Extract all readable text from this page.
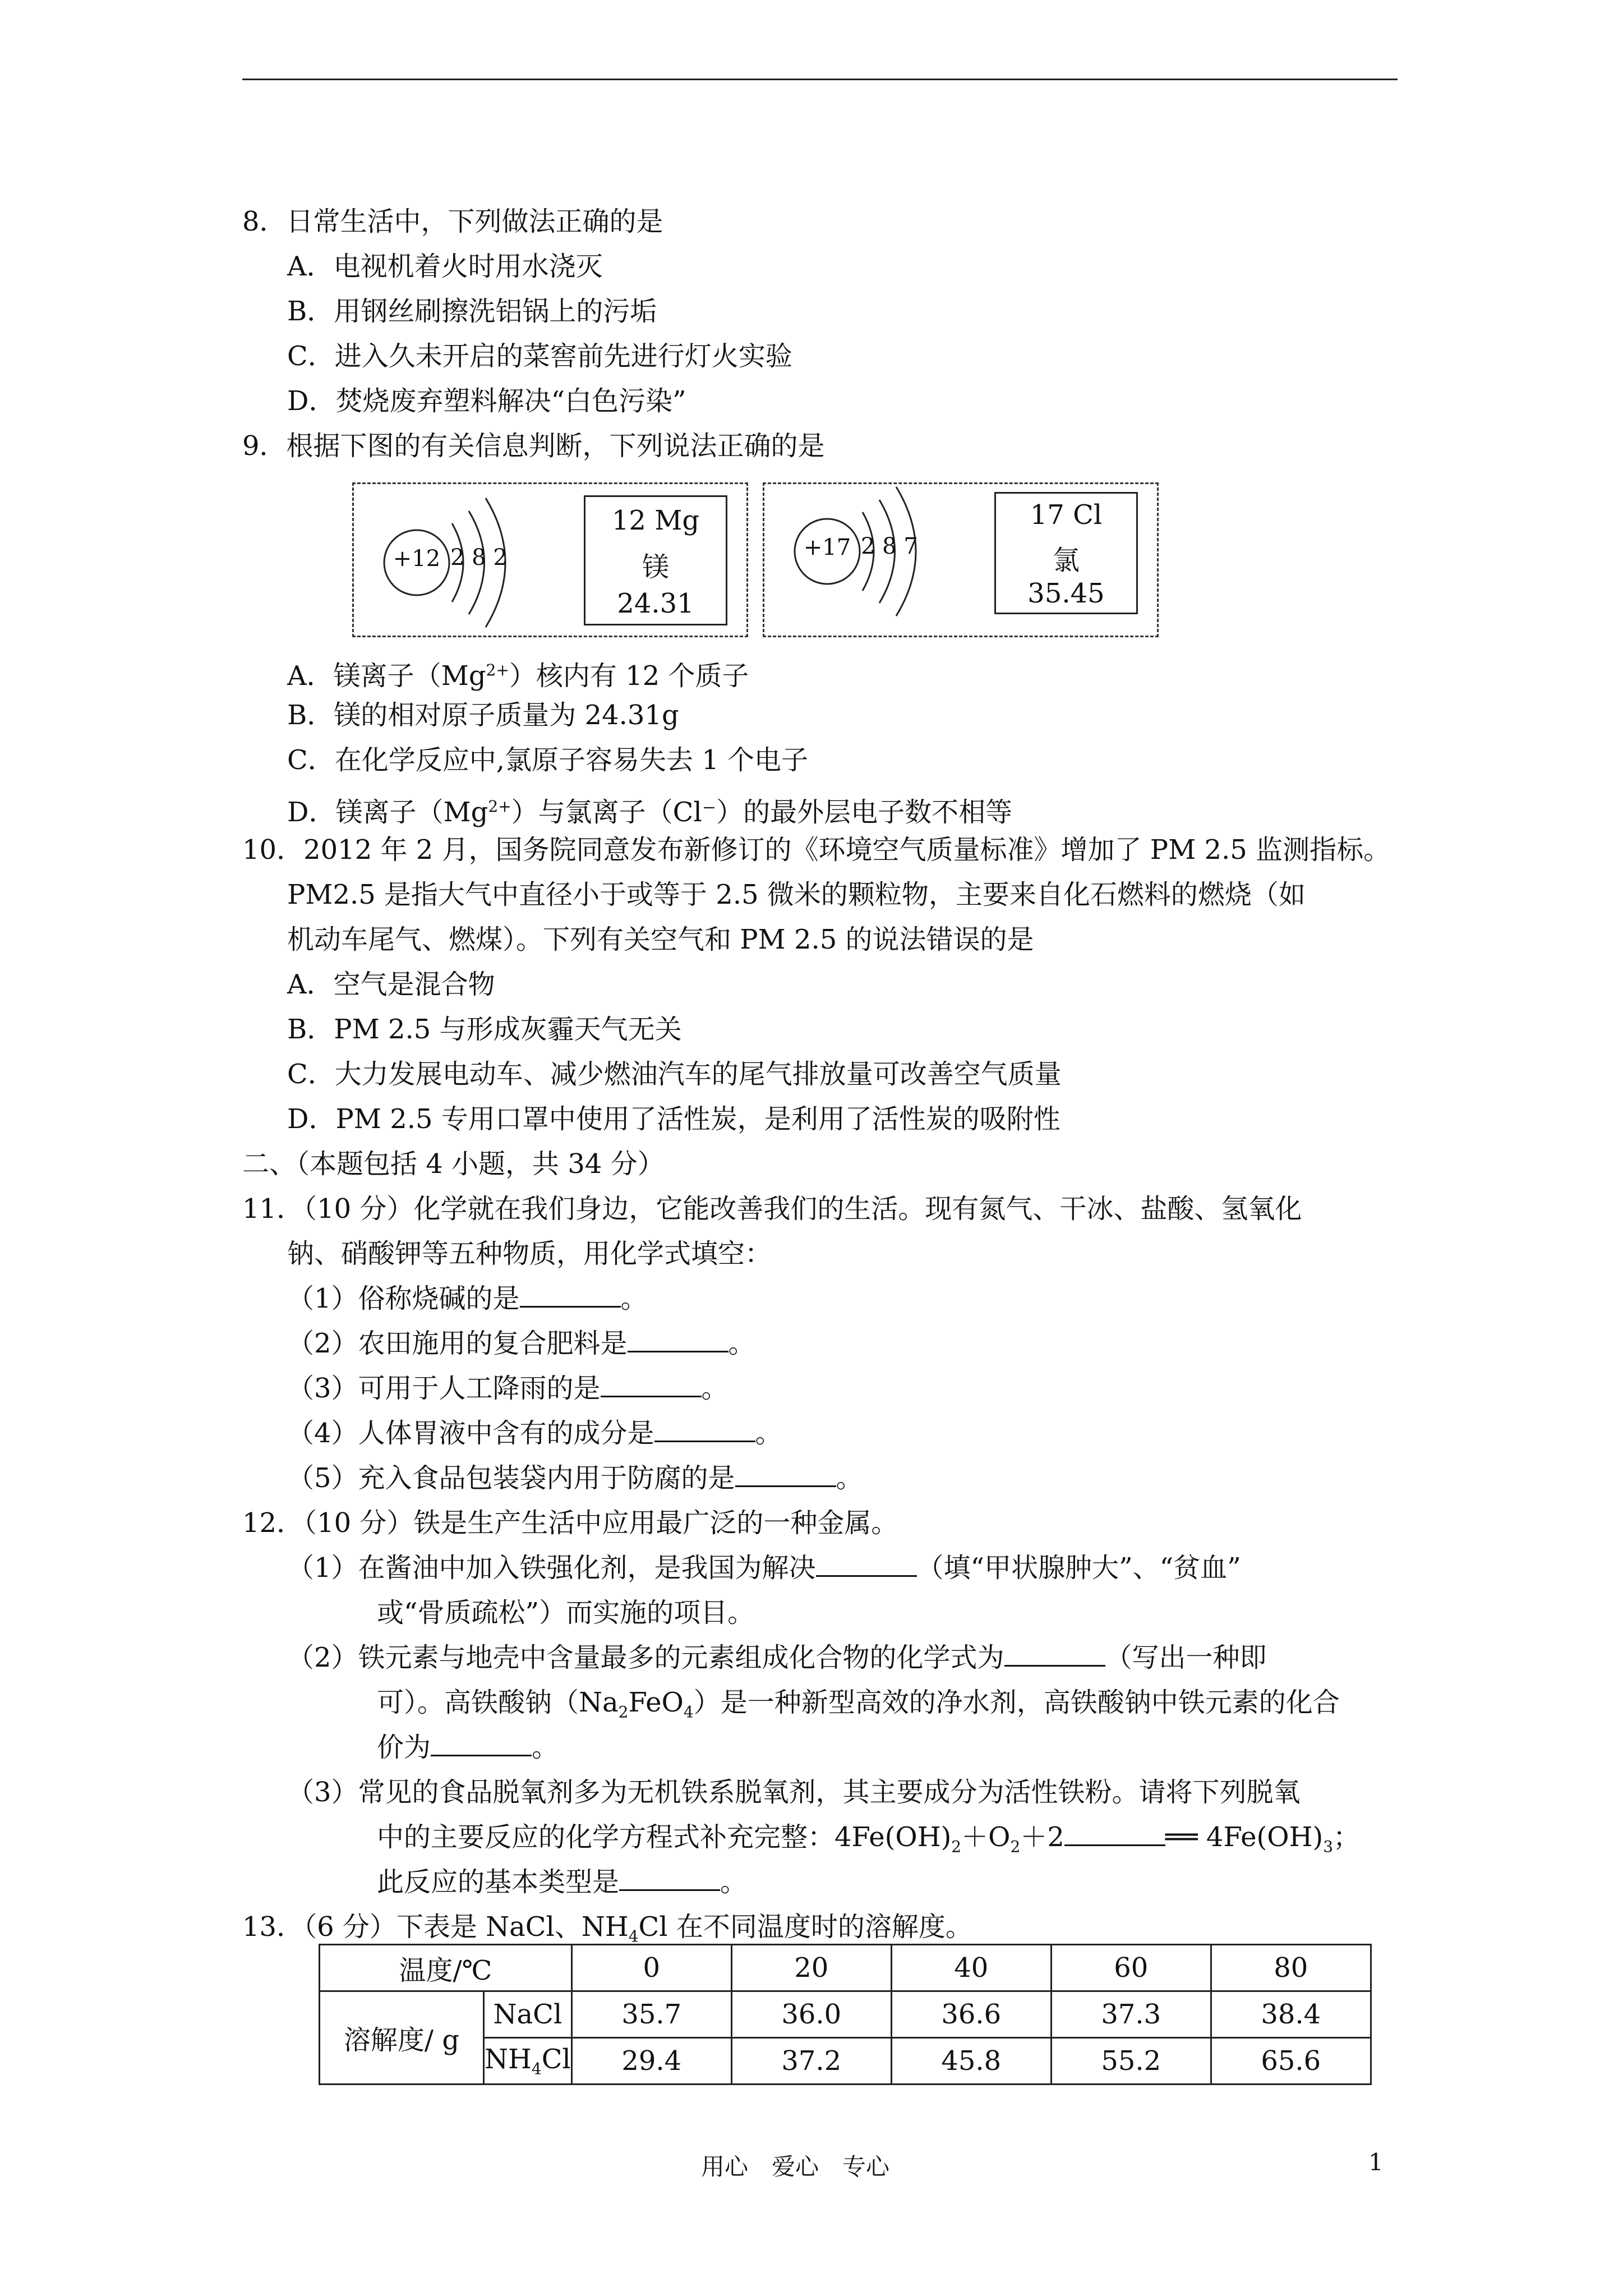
8．日常生活中，下列做法正确的是
A．电视机着火时用水浇灭
B．用钢丝刷擦洗铝锅上的污垢
C．进入久未开启的菜窖前先进行灯火实验
D．焚烧废弃塑料解决“白色污染”
9．根据下图的有关信息判断，下列说法正确的是
+12 2 8 2
12 Mg
镁
24.31
+17 2 8 7
17 Cl
氯
35.45
A．镁离子$(Mg^{2+})$核内有 12 个质子
B．镁的相对原子质量为 24.31g
C．在化学反应中,氯原子容易失去 1 个电子
D．镁离子$(Mg^{2+})$与氯离子（Cl⁻）的最外层电子数不相等
10．2012 年 2 月，国务院同意发布新修订的《环境空气质量标准》增加了 PM 2.5 监测指标。
PM2.5 是指大气中直径小于或等于 2.5 微米的颗粒物，主要来自化石燃料的燃烧（如
机动车尾气、燃煤）。下列有关空气和 PM 2.5 的说法错误的是
A．空气是混合物
B．PM 2.5 与形成灰霾天气无关
C．大力发展电动车、减少燃油汽车的尾气排放量可改善空气质量
D．PM 2.5 专用口罩中使用了活性炭，是利用了活性炭的吸附性
二、（本题包括 4 小题，共 34 分）
11．（10 分）化学就在我们身边，它能改善我们的生活。现有氮气、干冰、盐酸、氢氧化
钠、硝酸钾等五种物质，用化学式填空：
（1）俗称烧碱的是	。
（2）农田施用的复合肥料是	。
（3）可用于人工降雨的是	。
（4）人体胃液中含有的成分是	。
（5）充入食品包装袋内用于防腐的是	。
12．（10 分）铁是生产生活中应用最广泛的一种金属。
（1）在酱油中加入铁强化剂，是我国为解决	（填“甲状腺肿大”、“贫血”
或“骨质疏松”）而实施的项目。
（2）铁元素与地壳中含量最多的元素组成化合物的化学式为	（写出一种即
可）。高铁酸钠$(Na_2FeO_4)$是一种新型高效的净水剂，高铁酸钠中铁元素的化合
价为	。
（3）常见的食品脱氧剂多为无机铁系脱氧剂，其主要成分为活性铁粉。请将下列脱氧
中的主要反应的化学方程式补充完整：$4Fe(OH)_2+O_2+2$	══ $4Fe(OH)_3$；
此反应的基本类型是	。
13．（6 分）下表是 NaCl、$NH_4Cl$ 在不同温度时的溶解度。
温度/℃		0	20	40	60	80
溶解度/ g	NaCl	35.7	36.0	36.6	37.3	38.4
	$NH_4Cl$	29.4	37.2	45.8	55.2	65.6
用心　爱心　专心	1
